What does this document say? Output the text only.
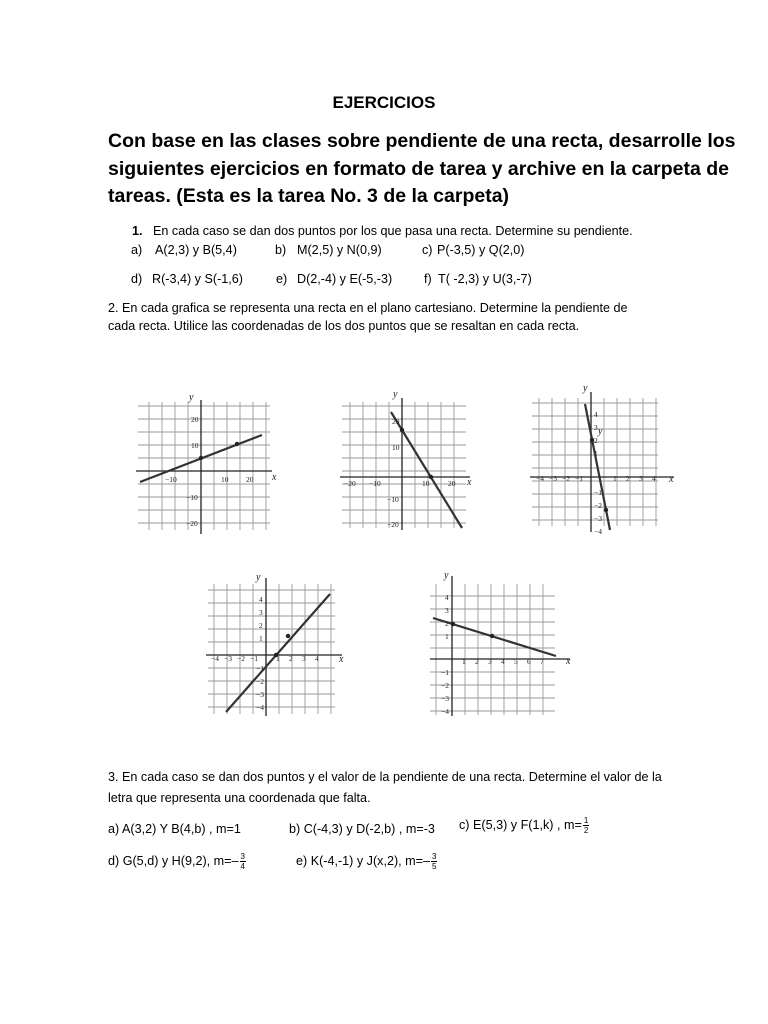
EJERCICIOS
Con base en las clases sobre pendiente de una recta, desarrolle los
siguientes ejercicios en formato de tarea y archive en la carpeta de
tareas. (Esta es la tarea No. 3 de la carpeta)
1. En cada caso se dan dos puntos por los que pasa una recta. Determine su pendiente.
a) A(2,3) y B(5,4)	b) M(2,5) y N(0,9)	c) P(-3,5) y Q(2,0)
d) R(-3,4) y S(-1,6)	e) D(2,-4) y E(-5,-3)	f) T( -2,3) y U(3,-7)
2. En cada grafica se representa una recta en el plano cartesiano. Determine la pendiente de
cada recta. Utilice las coordenadas de los dos puntos que se resaltan en cada recta.
y
x
−10	10 20
20
10
−10
−20
y
x
−20 −10	10 20
20
10
−10
−20
y
x
y
−4 −3 −2 −1	1 2 3 4
4
3
2
1
−1
−2
−3
−4
y
x
−4 −3 −2 −1 1 2 3 4
4
3
2
1
−1
−2
−3
−4
y
x
1 2 3 4 5 6 7
4
3
2
1
−1
−2
−3
−4
3. En cada caso se dan dos puntos y el valor de la pendiente de una recta. Determine el valor de la
letra que representa una coordenada que falta.
a) A(3,2) Y B(4,b) , m=1	b) C(-4,3) y D(-2,b) , m=-3 c) E(5,3) y F(1,k) , $m= \frac{1}{2}$
d) G(5,d) y H(9,2), $m=- \frac{3}{4}$	e) K(-4,-1) y J(x,2), $m=- \frac{3}{5}$
